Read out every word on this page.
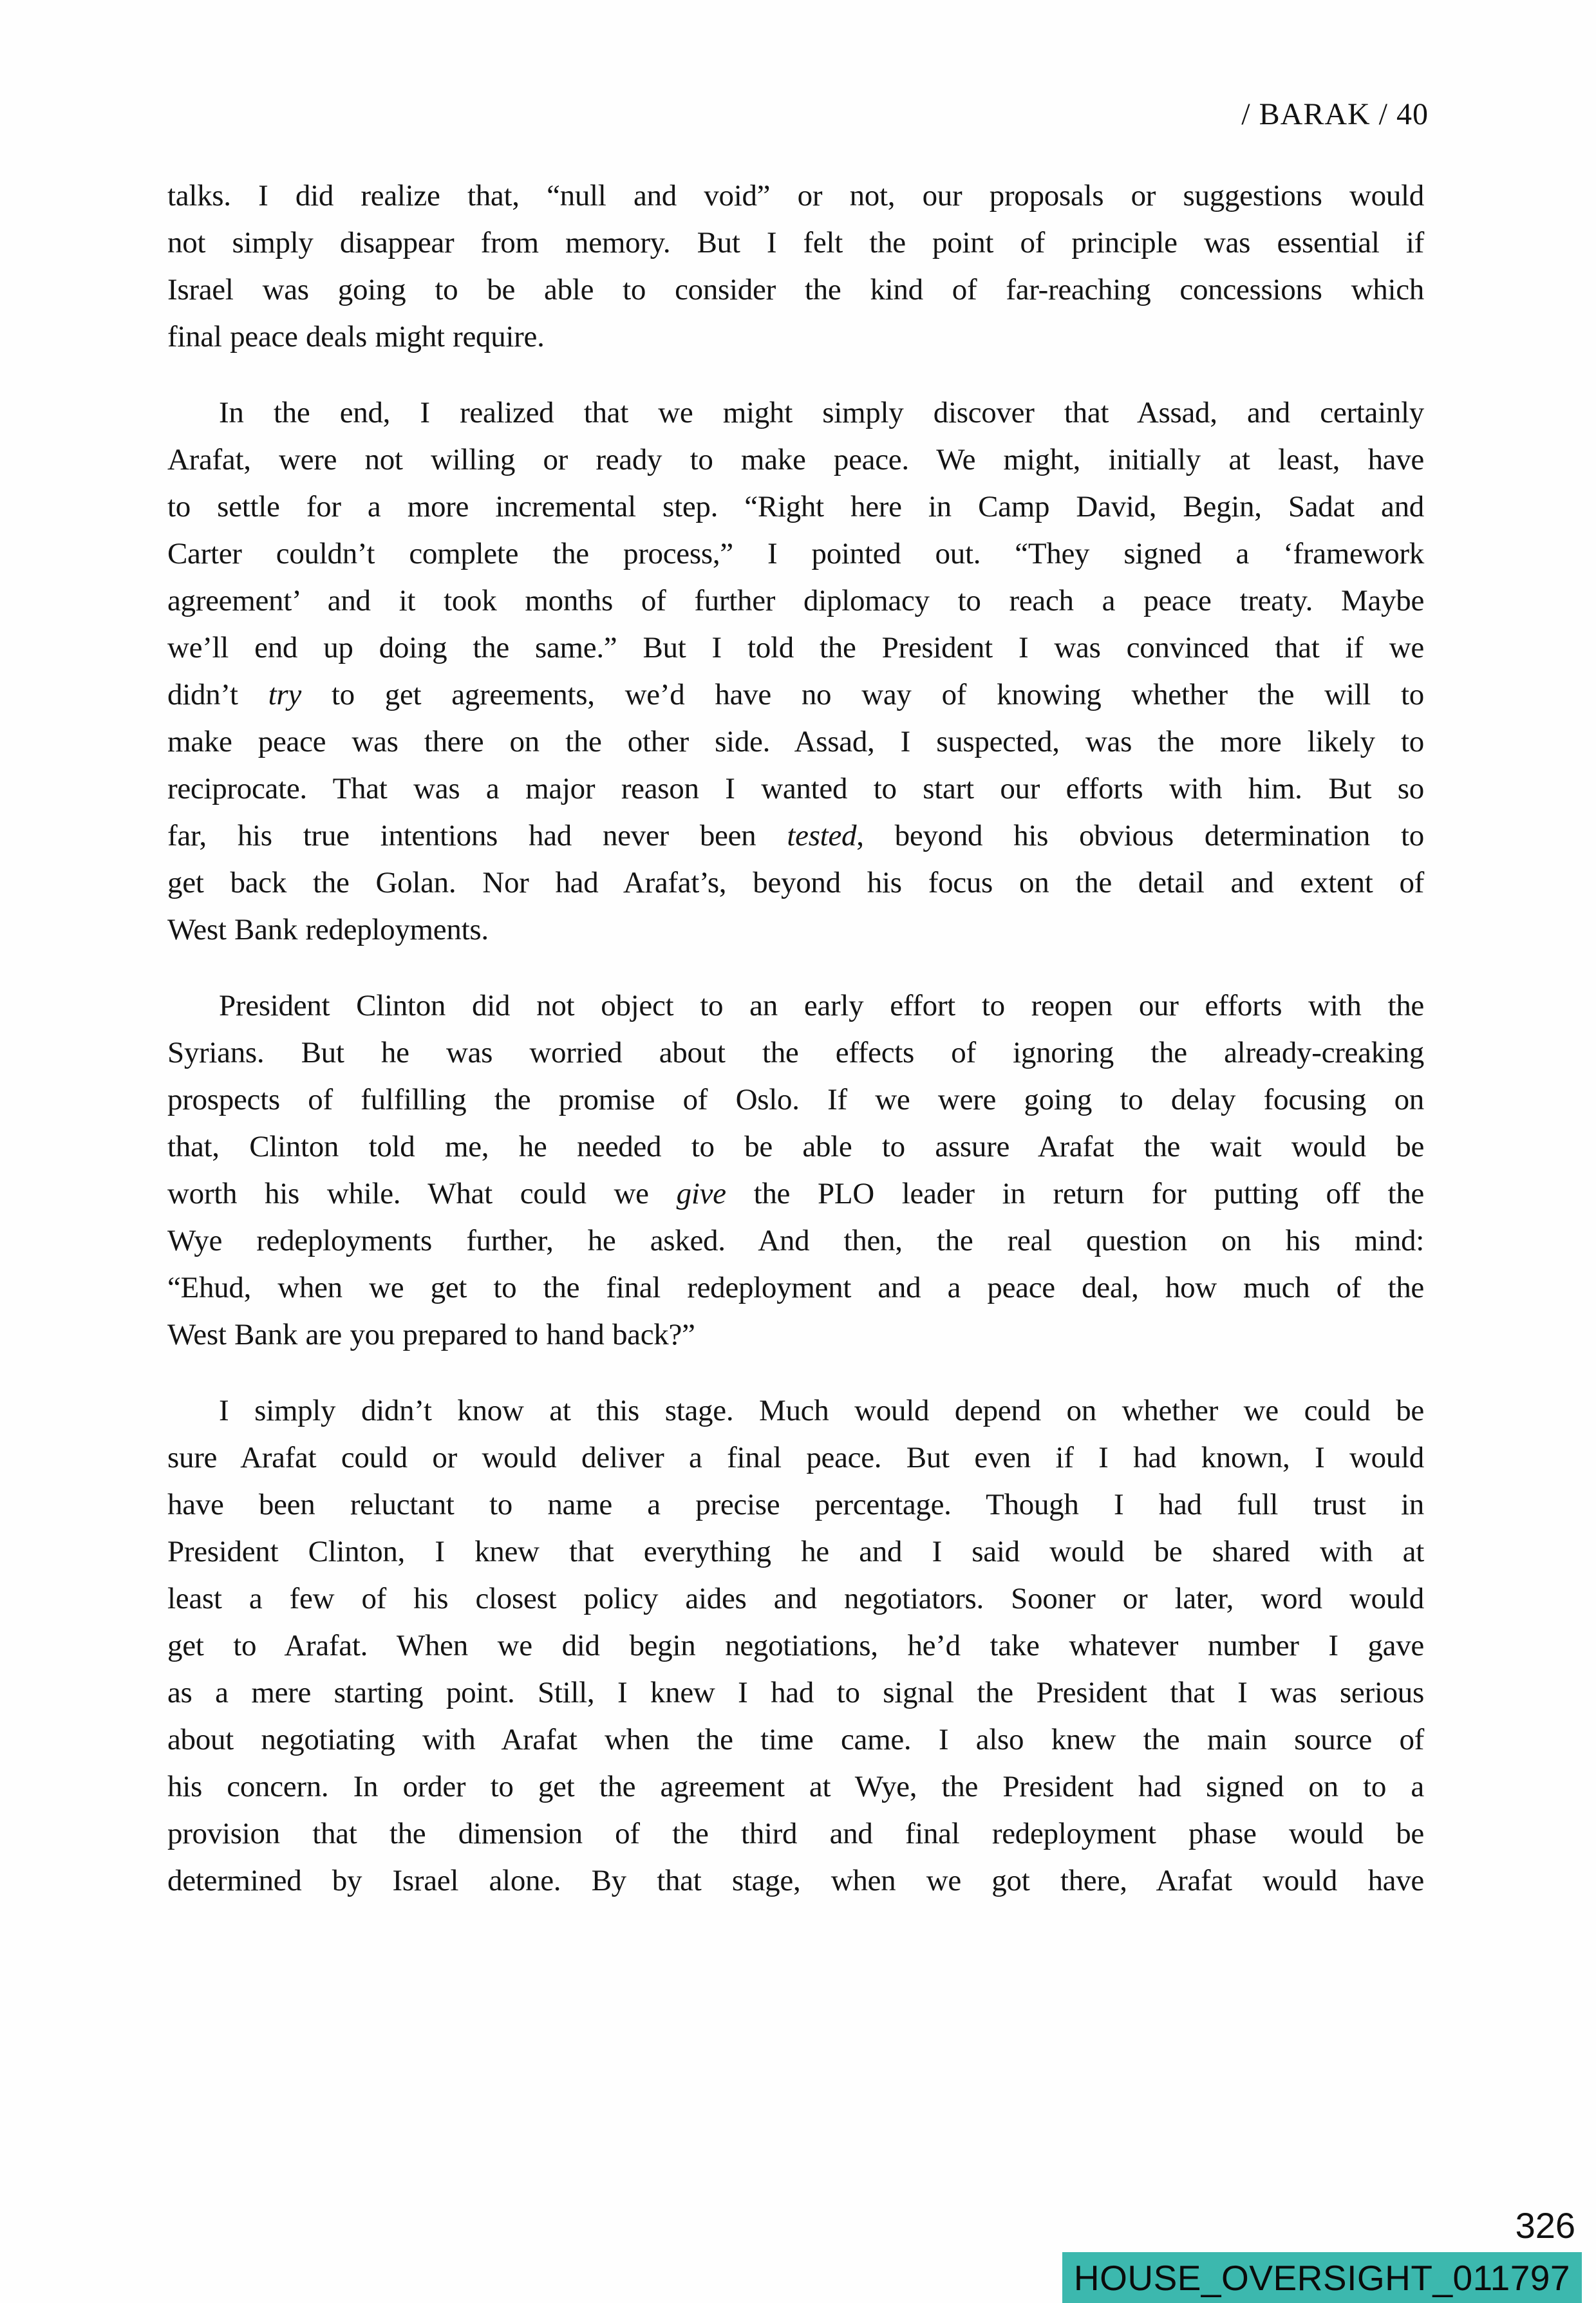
/ BARAK / 40
talks. I did realize that, “null and void” or not, our proposals or suggestions would
not simply disappear from memory. But I felt the point of principle was essential if
Israel was going to be able to consider the kind of far-reaching concessions which
final peace deals might require.
In the end, I realized that we might simply discover that Assad, and certainly
Arafat, were not willing or ready to make peace. We might, initially at least, have
to settle for a more incremental step. “Right here in Camp David, Begin, Sadat and
Carter couldn’t complete the process,” I pointed out. “They signed a ‘framework
agreement’ and it took months of further diplomacy to reach a peace treaty. Maybe
we’ll end up doing the same.” But I told the President I was convinced that if we
didn’t try to get agreements, we’d have no way of knowing whether the will to
make peace was there on the other side. Assad, I suspected, was the more likely to
reciprocate. That was a major reason I wanted to start our efforts with him. But so
far, his true intentions had never been tested, beyond his obvious determination to
get back the Golan. Nor had Arafat’s, beyond his focus on the detail and extent of
West Bank redeployments.
President Clinton did not object to an early effort to reopen our efforts with the
Syrians. But he was worried about the effects of ignoring the already-creaking
prospects of fulfilling the promise of Oslo. If we were going to delay focusing on
that, Clinton told me, he needed to be able to assure Arafat the wait would be
worth his while. What could we give the PLO leader in return for putting off the
Wye redeployments further, he asked. And then, the real question on his mind:
“Ehud, when we get to the final redeployment and a peace deal, how much of the
West Bank are you prepared to hand back?”
I simply didn’t know at this stage. Much would depend on whether we could be
sure Arafat could or would deliver a final peace. But even if I had known, I would
have been reluctant to name a precise percentage. Though I had full trust in
President Clinton, I knew that everything he and I said would be shared with at
least a few of his closest policy aides and negotiators. Sooner or later, word would
get to Arafat. When we did begin negotiations, he’d take whatever number I gave
as a mere starting point. Still, I knew I had to signal the President that I was serious
about negotiating with Arafat when the time came. I also knew the main source of
his concern. In order to get the agreement at Wye, the President had signed on to a
provision that the dimension of the third and final redeployment phase would be
determined by Israel alone. By that stage, when we got there, Arafat would have
326
HOUSE_OVERSIGHT_011797
